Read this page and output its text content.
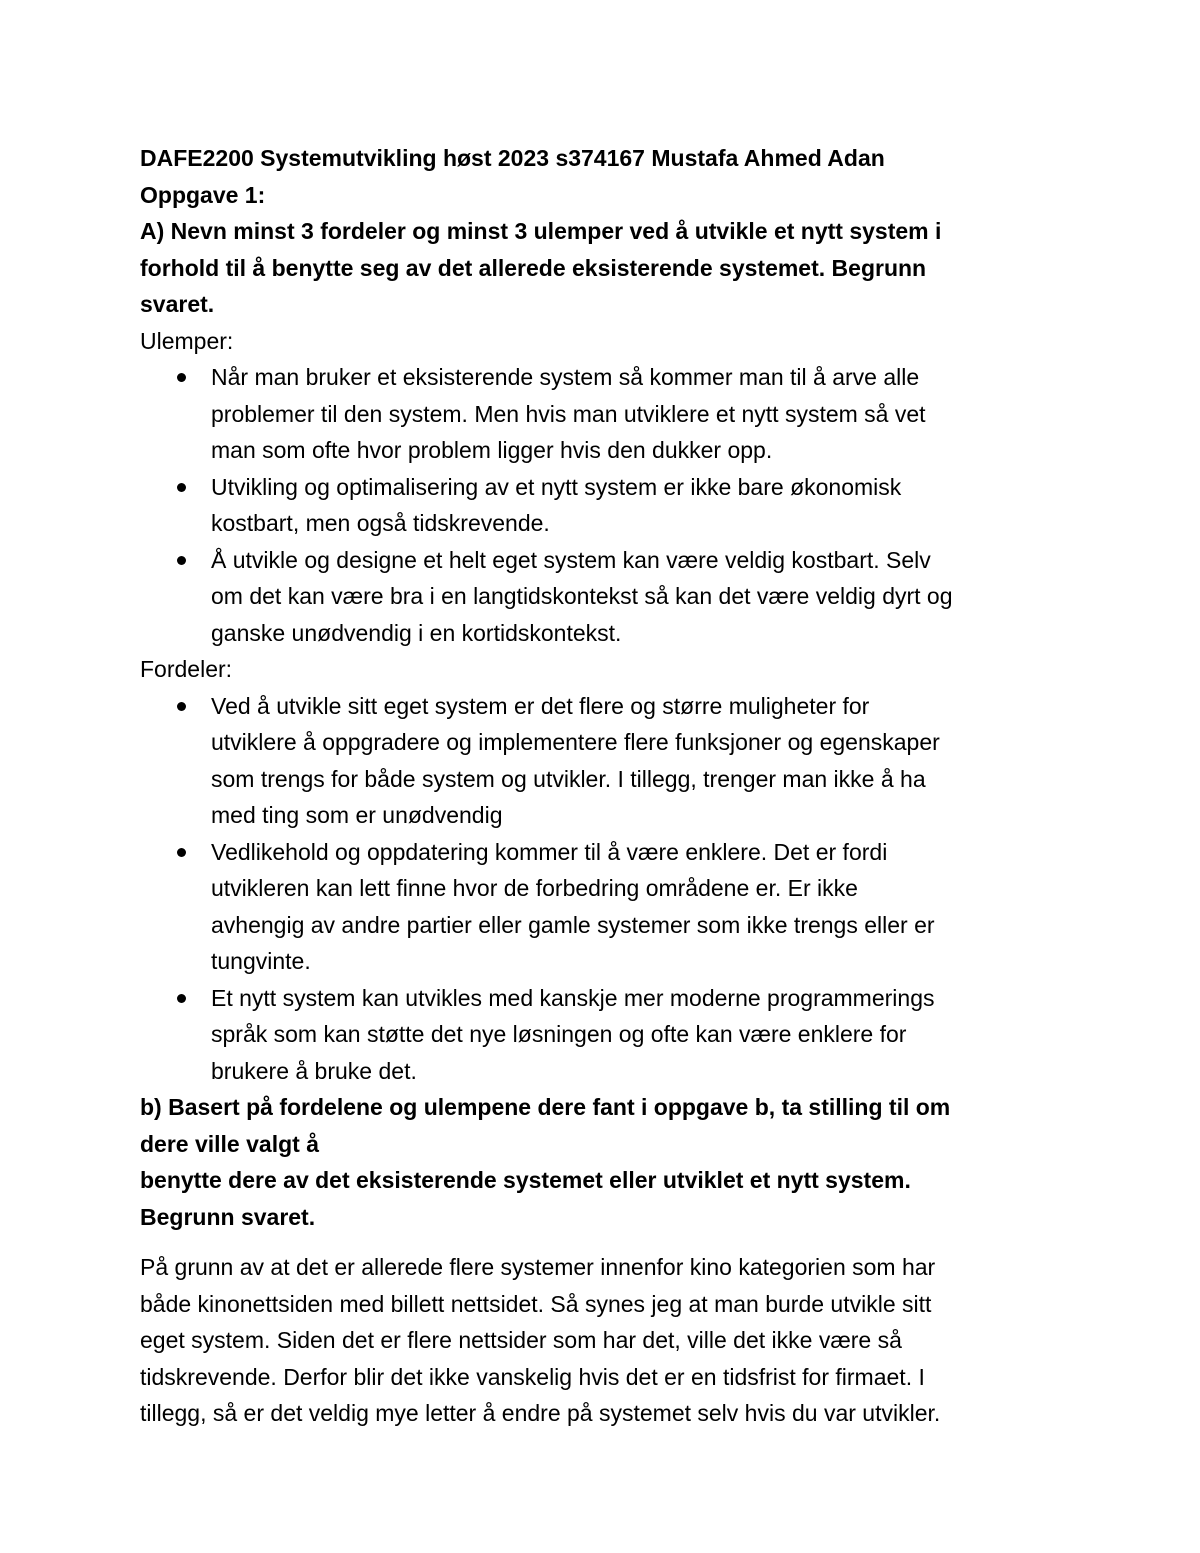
DAFE2200 Systemutvikling høst 2023 s374167 Mustafa Ahmed Adan
Oppgave 1:
A) Nevn minst 3 fordeler og minst 3 ulemper ved å utvikle et nytt system i
forhold til å benytte seg av det allerede eksisterende systemet. Begrunn
svaret.
Ulemper:
Når man bruker et eksisterende system så kommer man til å arve alle
problemer til den system. Men hvis man utviklere et nytt system så vet
man som ofte hvor problem ligger hvis den dukker opp.
Utvikling og optimalisering av et nytt system er ikke bare økonomisk
kostbart, men også tidskrevende.
Å utvikle og designe et helt eget system kan være veldig kostbart. Selv
om det kan være bra i en langtidskontekst så kan det være veldig dyrt og
ganske unødvendig i en kortidskontekst.
Fordeler:
Ved å utvikle sitt eget system er det flere og større muligheter for
utviklere å oppgradere og implementere flere funksjoner og egenskaper
som trengs for både system og utvikler. I tillegg, trenger man ikke å ha
med ting som er unødvendig
Vedlikehold og oppdatering kommer til å være enklere. Det er fordi
utvikleren kan lett finne hvor de forbedring områdene er. Er ikke
avhengig av andre partier eller gamle systemer som ikke trengs eller er
tungvinte.
Et nytt system kan utvikles med kanskje mer moderne programmerings
språk som kan støtte det nye løsningen og ofte kan være enklere for
brukere å bruke det.
b) Basert på fordelene og ulempene dere fant i oppgave b, ta stilling til om
dere ville valgt å
benytte dere av det eksisterende systemet eller utviklet et nytt system.
Begrunn svaret.
På grunn av at det er allerede flere systemer innenfor kino kategorien som har
både kinonettsiden med billett nettsidet. Så synes jeg at man burde utvikle sitt
eget system. Siden det er flere nettsider som har det, ville det ikke være så
tidskrevende. Derfor blir det ikke vanskelig hvis det er en tidsfrist for firmaet. I
tillegg, så er det veldig mye letter å endre på systemet selv hvis du var utvikler.
